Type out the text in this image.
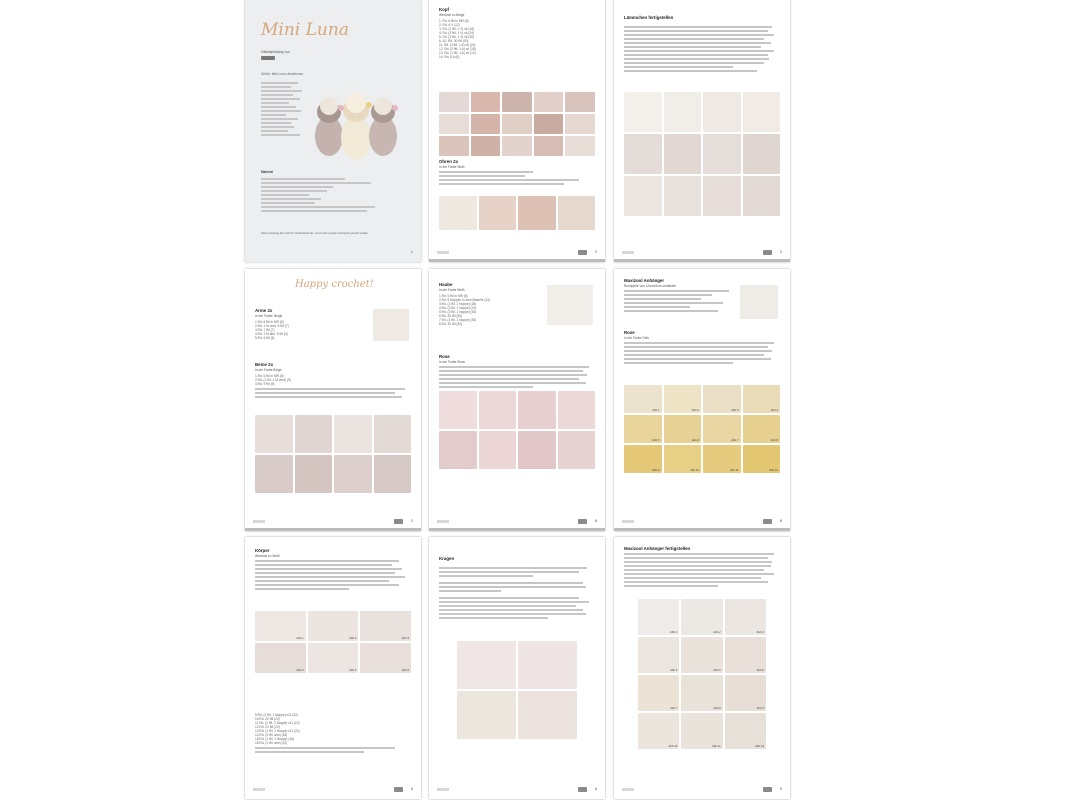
Mini Luna
Häkelanleitung von
Grüße: Mini Luna, Amelierose
Material
Diese Anleitung darf nicht für Verkaufszwecke, nur für den privaten Gebrauch genutzt werden.
1
Kopf
Wechsel zu Beige
1. Rd. 6 fM in MR (6)
2. Rd. 6 V (12)
3. Rd. (1 fM, 1 V) x6 (18)
4. Rd. (2 fM, 1 V) x6 (24)
5. Rd. (3 fM, 1 V) x6 (30)
6.-10. Rd. 30 fM (30)
11. Rd. (3 fM, 1 A) x6 (24)
12. Rd. (2 fM, 1 A) x6 (18)
13. Rd. (1 fM, 1 A) x6 (12)
14. Rd. 6 A (6)
Ohren 2x
In der Farbe Weiß
2
Lämmchen fertigstellen
3
Happy crochet!
Arme 2x
In der Farbe: Beige
1.Rd. 6 fM in MR (6)
2.Rd. 1 M verd. 5 fM (7)
3.Rd. 7 fM (7)
4.Rd. 1 M abn. 5 fM (6)
5.Rd. 6 fM (6)
Beine 2x
In der Farbe Beige
1.Rd. 6 fM in MR (6)
2.Rd. (1 fM, 1 M verd) (9)
3.Rd. 9 fM (9)
2
Haube
In der Farbe Weiß
1.Rd. 6 fM in MR (6)
2.Rd. 6 Noppen in eine Masche (12)
3.Rd. (1 fM, 1 Noppe) (18)
4.Rd. (2 fM, 1 Noppe) (24)
5.Rd. (3 fM, 1 Noppe) (30)
6.Rd. 30 fM (30)
7.Rd. (1 fM, 1 Noppe) (30)
8.Rd. 30 fM (30)
Rose
In der Farbe Rosa
8
Maxizool Anhänger
Rundperle von 12mm/2cm umhäkeln
Rose
In der Farbe Gelb
Abb.1	Abb.2	Abb.3	Abb.4
Abb.5	Abb.6	Abb.7	Abb.8
Abb.9	Abb.10	Abb.11	Abb.12
8
Körper
Wechsel zu Weiß
Abb.1	Abb.2	Abb.3
Abb.4	Abb.5	Abb.6
9.Rd. (1 fM, 1 Noppe) x11 (22)
10.Rd. 22 fM (22)
11.Rd. (1 fM, 1 Noppe) x11 (22)
12.Rd. 22 fM (22)
13.Rd. (1 fM, 1 Noppe) x11 (22)
14.Rd. (3 fM, abn) (18)
15.Rd. (1 fM, 1 Noppe) (18)
16.Rd. (1 fM, abn) (12)
5
Kragen
6
Maxizool Anhänger fertigstellen
Abb.1	Abb.2	Abb.3
Abb.4	Abb.5	Abb.6
Abb.7	Abb.8	Abb.9
Abb.10	Abb.11	Abb.12
9
